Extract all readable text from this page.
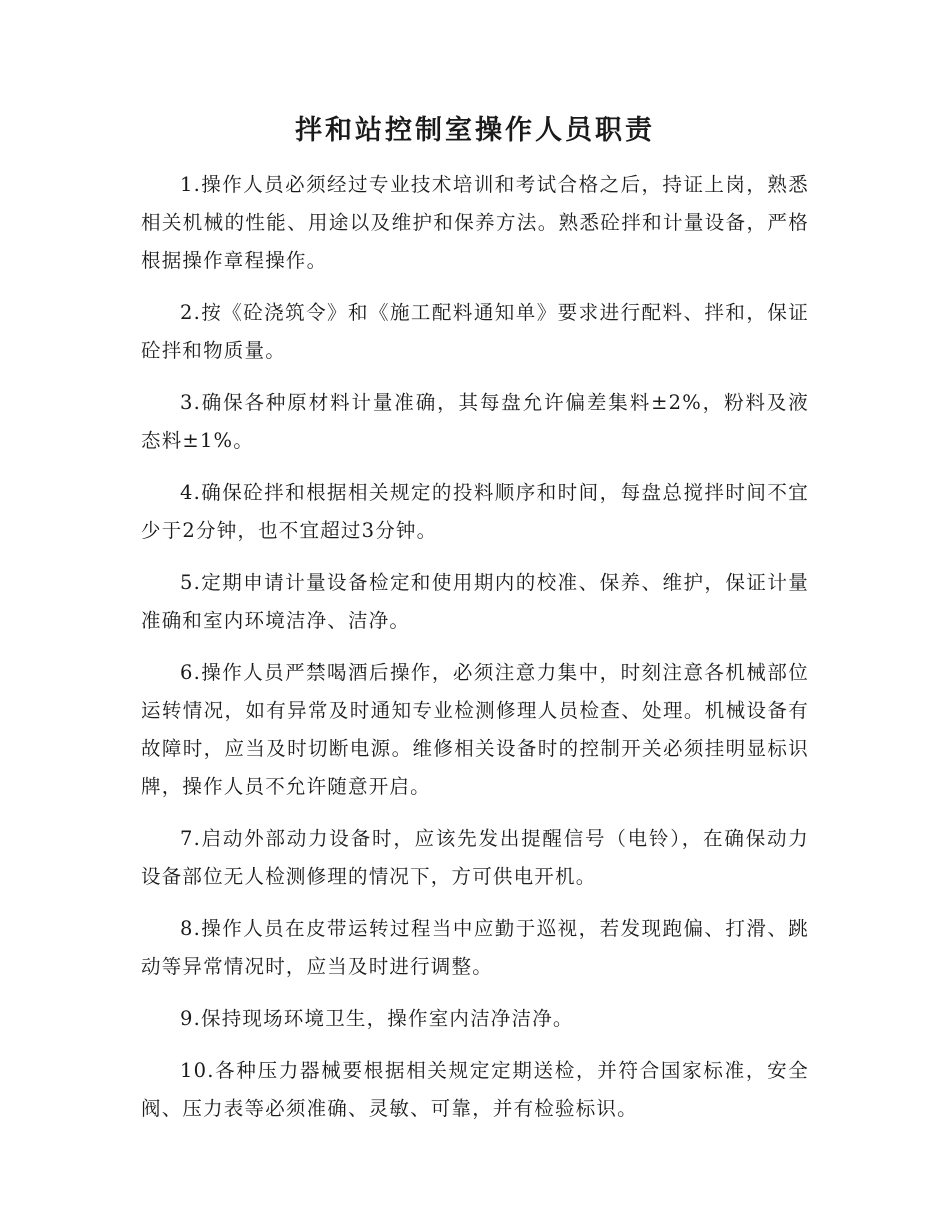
拌和站控制室操作人员职责

1.操作人员必须经过专业技术培训和考试合格之后，持证上岗，熟悉相关机械的性能、用途以及维护和保养方法。熟悉砼拌和计量设备，严格根据操作章程操作。

2.按《砼浇筑令》和《施工配料通知单》要求进行配料、拌和，保证砼拌和物质量。

3.确保各种原材料计量准确，其每盘允许偏差集料±2%，粉料及液态料±1%。

4.确保砼拌和根据相关规定的投料顺序和时间，每盘总搅拌时间不宜少于2分钟，也不宜超过3分钟。

5.定期申请计量设备检定和使用期内的校准、保养、维护，保证计量准确和室内环境洁净、洁净。

6.操作人员严禁喝酒后操作，必须注意力集中，时刻注意各机械部位运转情况，如有异常及时通知专业检测修理人员检查、处理。机械设备有故障时，应当及时切断电源。维修相关设备时的控制开关必须挂明显标识牌，操作人员不允许随意开启。

7.启动外部动力设备时，应该先发出提醒信号（电铃），在确保动力设备部位无人检测修理的情况下，方可供电开机。

8.操作人员在皮带运转过程当中应勤于巡视，若发现跑偏、打滑、跳动等异常情况时，应当及时进行调整。

9.保持现场环境卫生，操作室内洁净洁净。

10.各种压力器械要根据相关规定定期送检，并符合国家标准，安全阀、压力表等必须准确、灵敏、可靠，并有检验标识。
